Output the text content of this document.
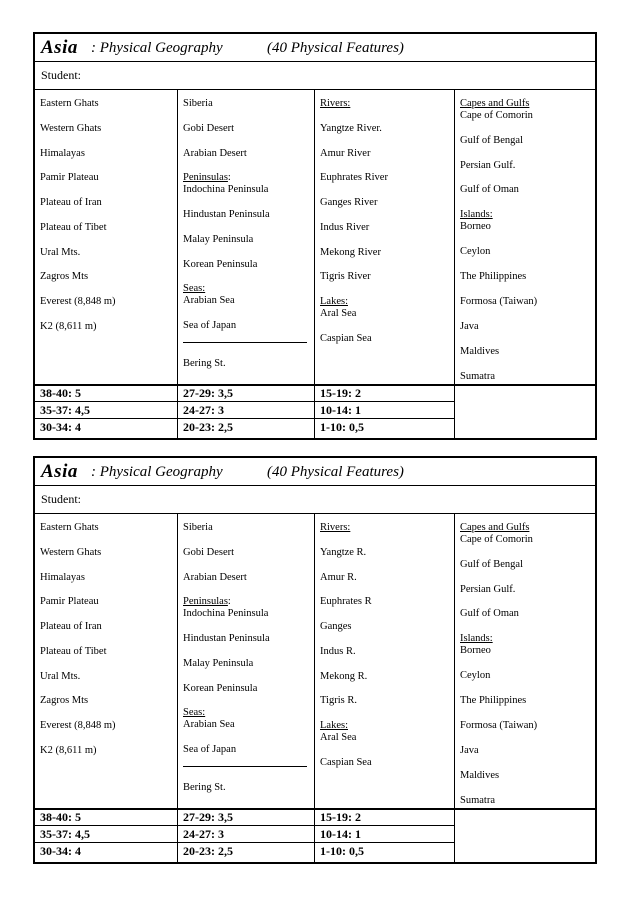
Asia : Physical Geography	(40 Physical Features)
Student:
Eastern Ghats
Western Ghats
Himalayas
Pamir Plateau
Plateau of Iran
Plateau of Tibet
Ural Mts.
Zagros Mts
Everest (8,848 m)
K2 (8,611 m)
Siberia
Gobi Desert
Arabian Desert
Peninsulas:
Indochina Peninsula
Hindustan Peninsula
Malay Peninsula
Korean Peninsula
Seas:
Arabian Sea
Sea of Japan
Bering St.
Rivers:
Yangtze River.
Amur River
Euphrates River
Ganges River
Indus River
Mekong River
Tigris River
Lakes:
Aral Sea
Caspian Sea
Capes and Gulfs
Cape of Comorin
Gulf of Bengal
Persian Gulf.
Gulf of Oman
Islands:
Borneo
Ceylon
The Philippines
Formosa (Taiwan)
Java
Maldives
Sumatra
38-40: 5
35-37: 4,5
30-34: 4
27-29: 3,5
24-27: 3
20-23: 2,5
15-19: 2
10-14: 1
1-10: 0,5
Asia : Physical Geography	(40 Physical Features)
Student:
Eastern Ghats
Western Ghats
Himalayas
Pamir Plateau
Plateau of Iran
Plateau of Tibet
Ural Mts.
Zagros Mts
Everest (8,848 m)
K2 (8,611 m)
Siberia
Gobi Desert
Arabian Desert
Peninsulas:
Indochina Peninsula
Hindustan Peninsula
Malay Peninsula
Korean Peninsula
Seas:
Arabian Sea
Sea of Japan
Bering St.
Rivers:
Yangtze R.
Amur R.
Euphrates R
Ganges
Indus R.
Mekong R.
Tigris R.
Lakes:
Aral Sea
Caspian Sea
Capes and Gulfs
Cape of Comorin
Gulf of Bengal
Persian Gulf.
Gulf of Oman
Islands:
Borneo
Ceylon
The Philippines
Formosa (Taiwan)
Java
Maldives
Sumatra
38-40: 5
35-37: 4,5
30-34: 4
27-29: 3,5
24-27: 3
20-23: 2,5
15-19: 2
10-14: 1
1-10: 0,5
